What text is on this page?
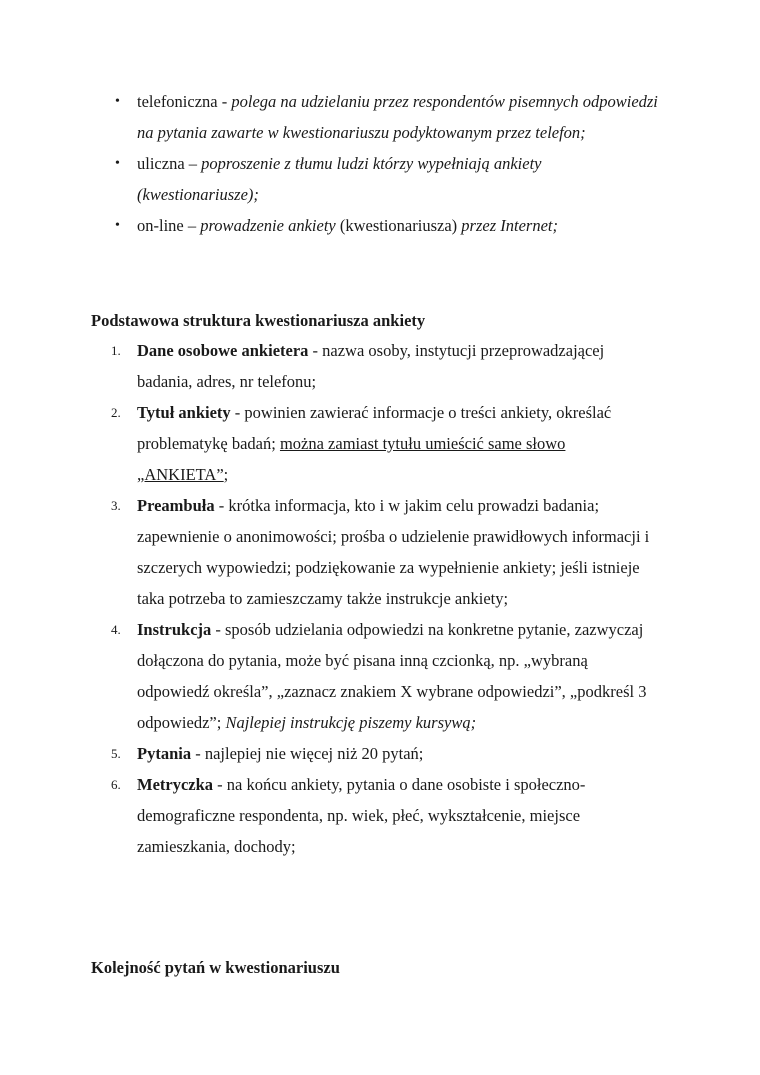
• telefoniczna - polega na udzielaniu przez respondentów pisemnych odpowiedzi na pytania zawarte w kwestionariuszu podyktowanym przez telefon;
• uliczna – poproszenie z tłumu ludzi którzy wypełniają ankiety (kwestionariusze);
• on-line – prowadzenie ankiety (kwestionariusza) przez Internet;

Podstawowa struktura kwestionariusza ankiety

1. Dane osobowe ankietera - nazwa osoby, instytucji przeprowadzającej badania, adres, nr telefonu;
2. Tytuł ankiety - powinien zawierać informacje o treści ankiety, określać problematykę badań; można zamiast tytułu umieścić same słowo „ANKIETA”;
3. Preambuła - krótka informacja, kto i w jakim celu prowadzi badania; zapewnienie o anonimowości; prośba o udzielenie prawidłowych informacji i szczerych wypowiedzi; podziękowanie za wypełnienie ankiety; jeśli istnieje taka potrzeba to zamieszczamy także instrukcje ankiety;
4. Instrukcja - sposób udzielania odpowiedzi na konkretne pytanie, zazwyczaj dołączona do pytania, może być pisana inną czcionką, np. „wybraną odpowiedź określa”, „zaznacz znakiem X wybrane odpowiedzi”, „podkreśl 3 odpowiedz”; Najlepiej instrukcję piszemy kursywą;
5. Pytania - najlepiej nie więcej niż 20 pytań;
6. Metryczka - na końcu ankiety, pytania o dane osobiste i społeczno-demograficzne respondenta, np. wiek, płeć, wykształcenie, miejsce zamieszkania, dochody;

Kolejność pytań w kwestionariuszu
